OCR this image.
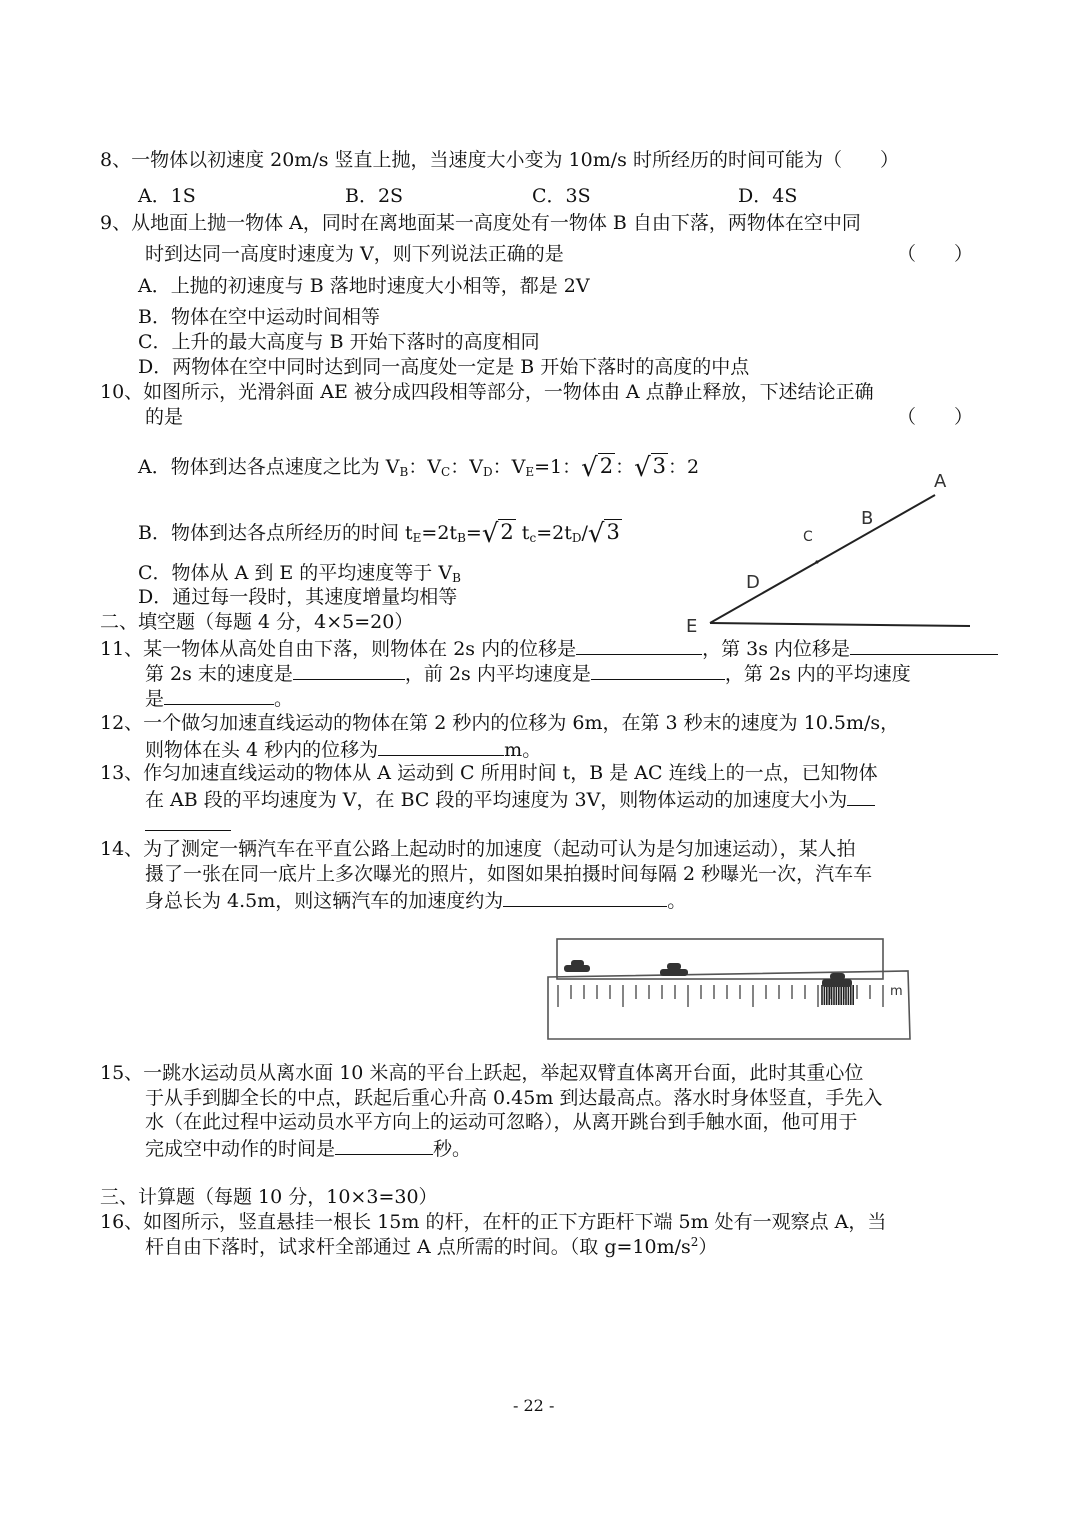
8、一物体以初速度 20m/s 竖直上抛，当速度大小变为 10m/s 时所经历的时间可能为（　　）
A．1S	B．2S	C．3S	D．4S
9、从地面上抛一物体 A，同时在离地面某一高度处有一物体 B 自由下落，两物体在空中同
时到达同一高度时速度为 V，则下列说法正确的是	（　　）
A．上抛的初速度与 B 落地时速度大小相等，都是 2V
B．物体在空中运动时间相等
C．上升的最大高度与 B 开始下落时的高度相同
D．两物体在空中同时达到同一高度处一定是 B 开始下落时的高度的中点
10、如图所示，光滑斜面 AE 被分成四段相等部分，一物体由 A 点静止释放，下述结论正确
的是	（　　）
A．物体到达各点速度之比为 $V_B$：$V_C$：$V_D$：$V_E=1$：√2 ：√3 ：2
B．物体到达各点所经历的时间 $t_E=2t_B=√2$ $t_c=2t_D/√3$
C．物体从 A 到 E 的平均速度等于 $V_B$
D．通过每一段时，其速度增量均相等
A
B
C
D
E
二、填空题（每题 4 分，4×5=20）
11、某一物体从高处自由下落，则物体在 2s 内的位移是	，第 3s 内位移是
第 2s 末的速度是	，前 2s 内平均速度是	，第 2s 内的平均速度
是	。
12、一个做匀加速直线运动的物体在第 2 秒内的位移为 6m，在第 3 秒末的速度为 10.5m/s，
则物体在头 4 秒内的位移为	m。
13、作匀加速直线运动的物体从 A 运动到 C 所用时间 t，B 是 AC 连线上的一点，已知物体
在 AB 段的平均速度为 V，在 BC 段的平均速度为 3V，则物体运动的加速度大小为
14、为了测定一辆汽车在平直公路上起动时的加速度（起动可认为是匀加速运动），某人拍
摄了一张在同一底片上多次曝光的照片，如图如果拍摄时间每隔 2 秒曝光一次，汽车车
身总长为 4.5m，则这辆汽车的加速度约为	。
m
15、一跳水运动员从离水面 10 米高的平台上跃起，举起双臂直体离开台面，此时其重心位
于从手到脚全长的中点，跃起后重心升高 0.45m 到达最高点。落水时身体竖直，手先入
水（在此过程中运动员水平方向上的运动可忽略），从离开跳台到手触水面，他可用于
完成空中动作的时间是	秒。
三、计算题（每题 10 分，10×3=30）
16、如图所示，竖直悬挂一根长 15m 的杆，在杆的正下方距杆下端 5m 处有一观察点 A，当
杆自由下落时，试求杆全部通过 A 点所需的时间。（取 $g=10m/s^2$）
- 22 -
